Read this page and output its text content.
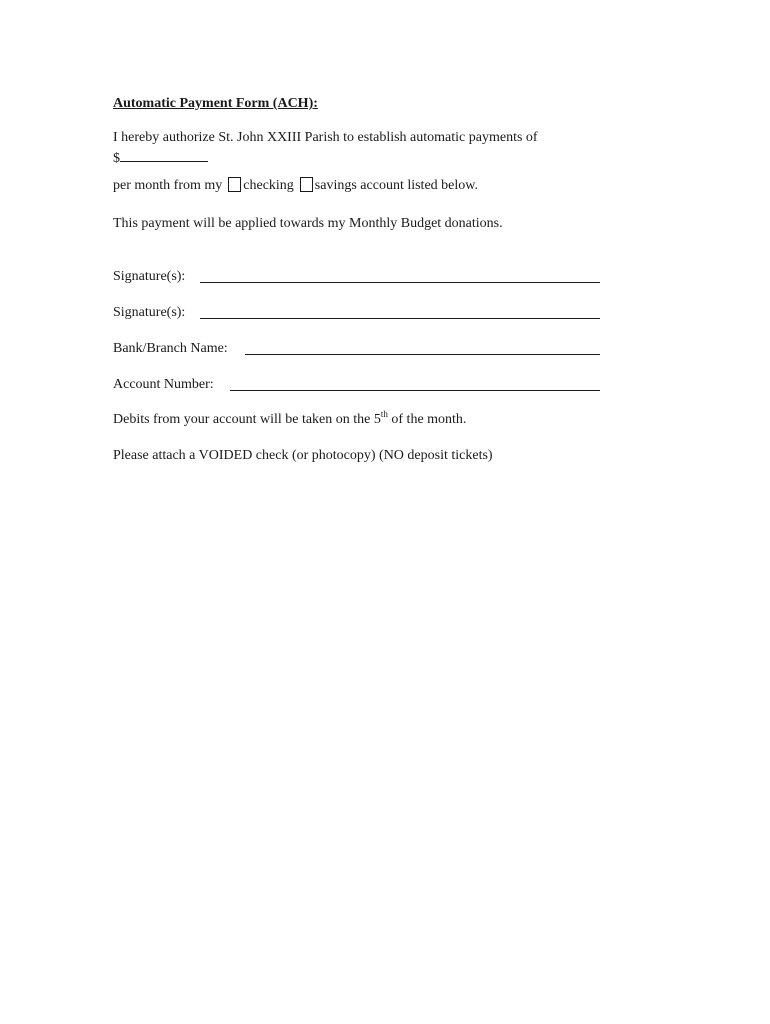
Automatic Payment Form (ACH):
I hereby authorize St. John XXIII Parish to establish automatic payments of
$
per month from my checking savings account listed below.
This payment will be applied towards my Monthly Budget donations.
Signature(s):
Signature(s):
Bank/Branch Name:
Account Number:
Debits from your account will be taken on the 5th of the month.
Please attach a VOIDED check (or photocopy) (NO deposit tickets)
